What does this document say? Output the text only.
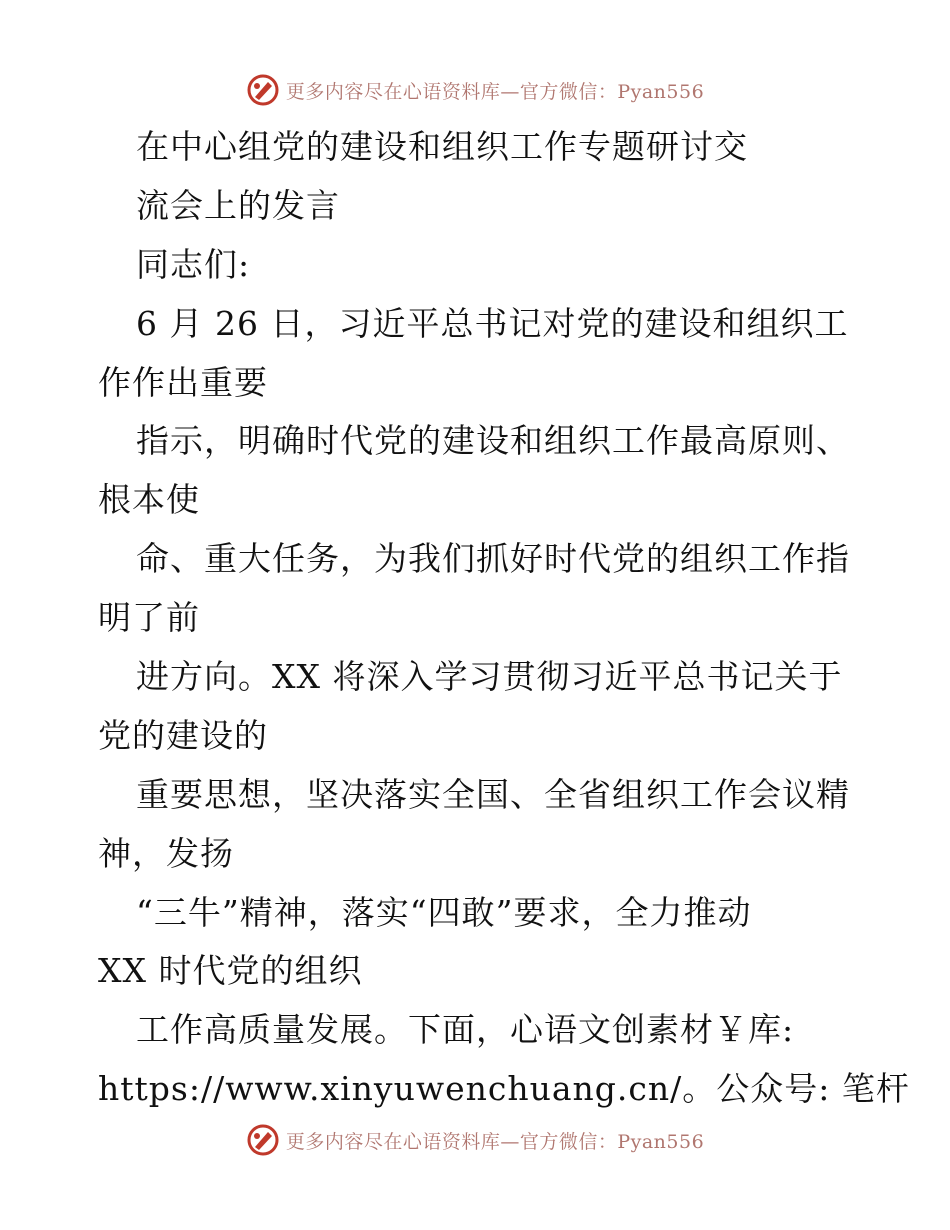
更多内容尽在心语资料库—官方微信：Pyan556
在中心组党的建设和组织工作专题研讨交
流会上的发言
同志们:
6 月 26 日，习近平总书记对党的建设和组织工
作作出重要
指示，明确时代党的建设和组织工作最高原则、
根本使
命、重大任务，为我们抓好时代党的组织工作指
明了前
进方向。XX 将深入学习贯彻习近平总书记关于
党的建设的
重要思想，坚决落实全国、全省组织工作会议精
神，发扬
“三牛”精神，落实“四敢”要求，全力推动
XX 时代党的组织
工作高质量发展。下面，心语文创素材￥库:
https://www.xinyuwenchuang.cn/。公众号: 笔杆
更多内容尽在心语资料库—官方微信：Pyan556
